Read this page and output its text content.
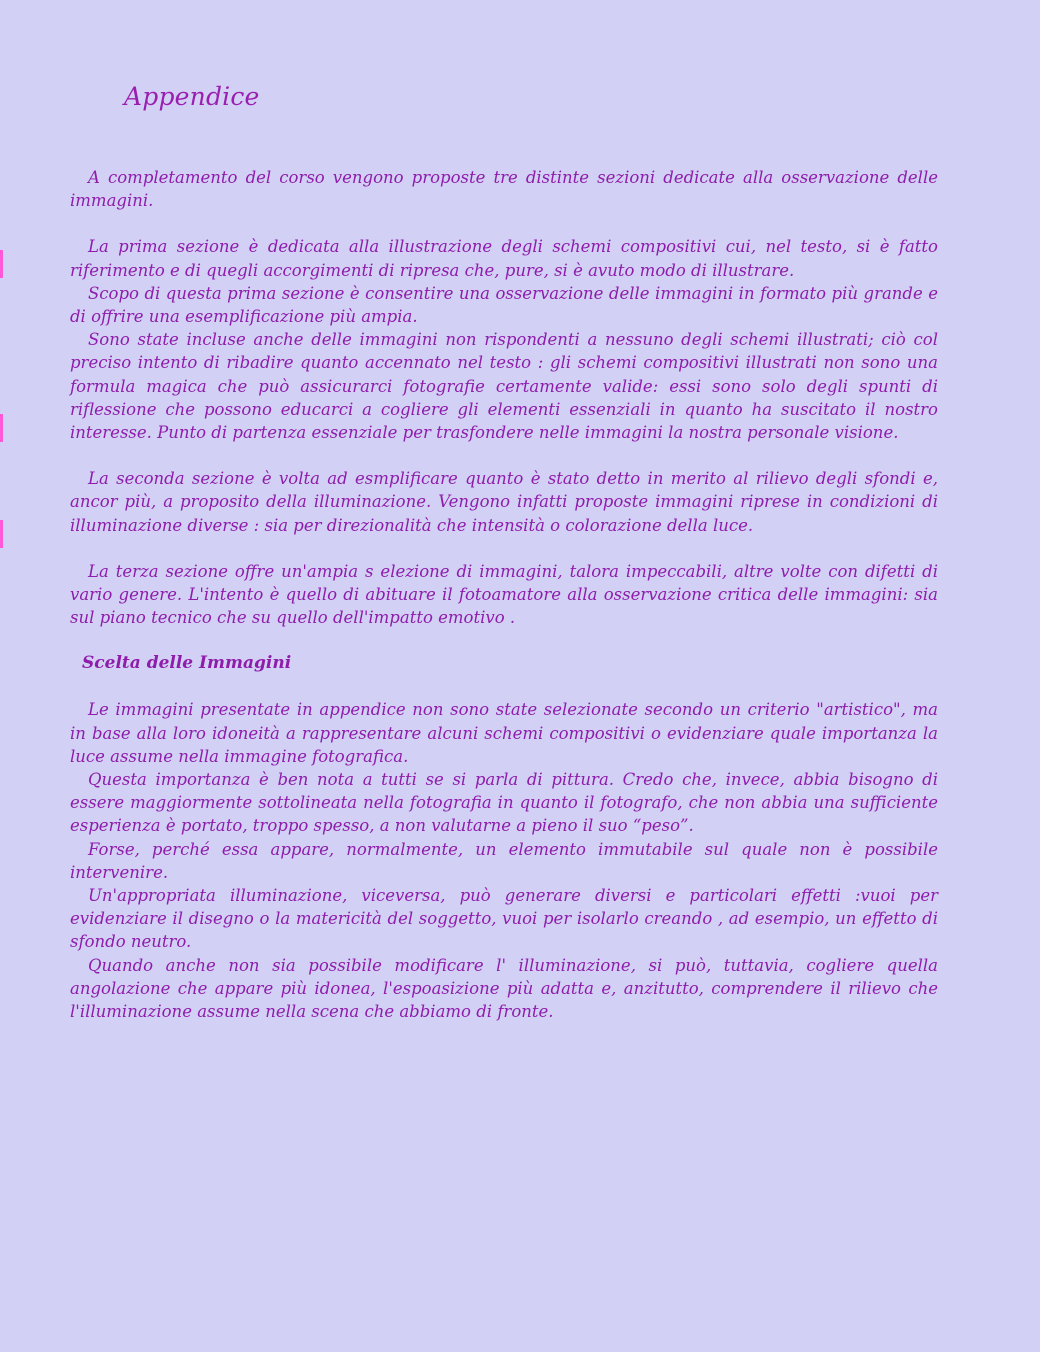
Appendice

A completamento del corso vengono proposte tre distinte sezioni dedicate alla osservazione delle immagini.

La prima sezione è dedicata alla illustrazione degli schemi compositivi cui, nel testo, si è fatto riferimento e di quegli accorgimenti di ripresa che, pure, si è avuto modo di illustrare.

Scopo di questa prima sezione è consentire una osservazione delle immagini in formato più grande e di offrire una esemplificazione più ampia.

Sono state incluse anche delle immagini non rispondenti a nessuno degli schemi illustrati; ciò col preciso intento di ribadire quanto accennato nel testo : gli schemi compositivi illustrati non sono una formula magica che può assicurarci fotografie certamente valide: essi sono solo degli spunti di riflessione che possono educarci a cogliere gli elementi essenziali in quanto ha suscitato il nostro interesse. Punto di partenza essenziale per trasfondere nelle immagini la nostra personale visione.

La seconda sezione è volta ad esmplificare quanto è stato detto in merito al rilievo degli sfondi e, ancor più, a proposito della illuminazione. Vengono infatti proposte immagini riprese in condizioni di illuminazione diverse : sia per direzionalità che intensità o colorazione della luce.

La terza sezione offre un'ampia s elezione di immagini, talora impeccabili, altre volte con difetti di vario genere. L'intento è quello di abituare il fotoamatore alla osservazione critica delle immagini: sia sul piano tecnico che su quello dell'impatto emotivo .

Scelta delle Immagini

Le immagini presentate in appendice non sono state selezionate secondo un criterio "artistico", ma in base alla loro idoneità a rappresentare alcuni schemi compositivi o evidenziare quale importanza la luce assume nella immagine fotografica.

Questa importanza è ben nota a tutti se si parla di pittura. Credo che, invece, abbia bisogno di essere maggiormente sottolineata nella fotografia in quanto il fotografo, che non abbia una sufficiente esperienza è portato, troppo spesso, a non valutarne a pieno il suo “peso”.

Forse, perché essa appare, normalmente, un elemento immutabile sul quale non è possibile intervenire.

Un'appropriata illuminazione, viceversa, può generare diversi e particolari effetti :vuoi per evidenziare il disegno o la matericità del soggetto, vuoi per isolarlo creando , ad esempio, un effetto di sfondo neutro.

Quando anche non sia possibile modificare l' illuminazione, si può, tuttavia, cogliere quella angolazione che appare più idonea, l'espoasizione più adatta e, anzitutto, comprendere il rilievo che l'illuminazione assume nella scena che abbiamo di fronte.
